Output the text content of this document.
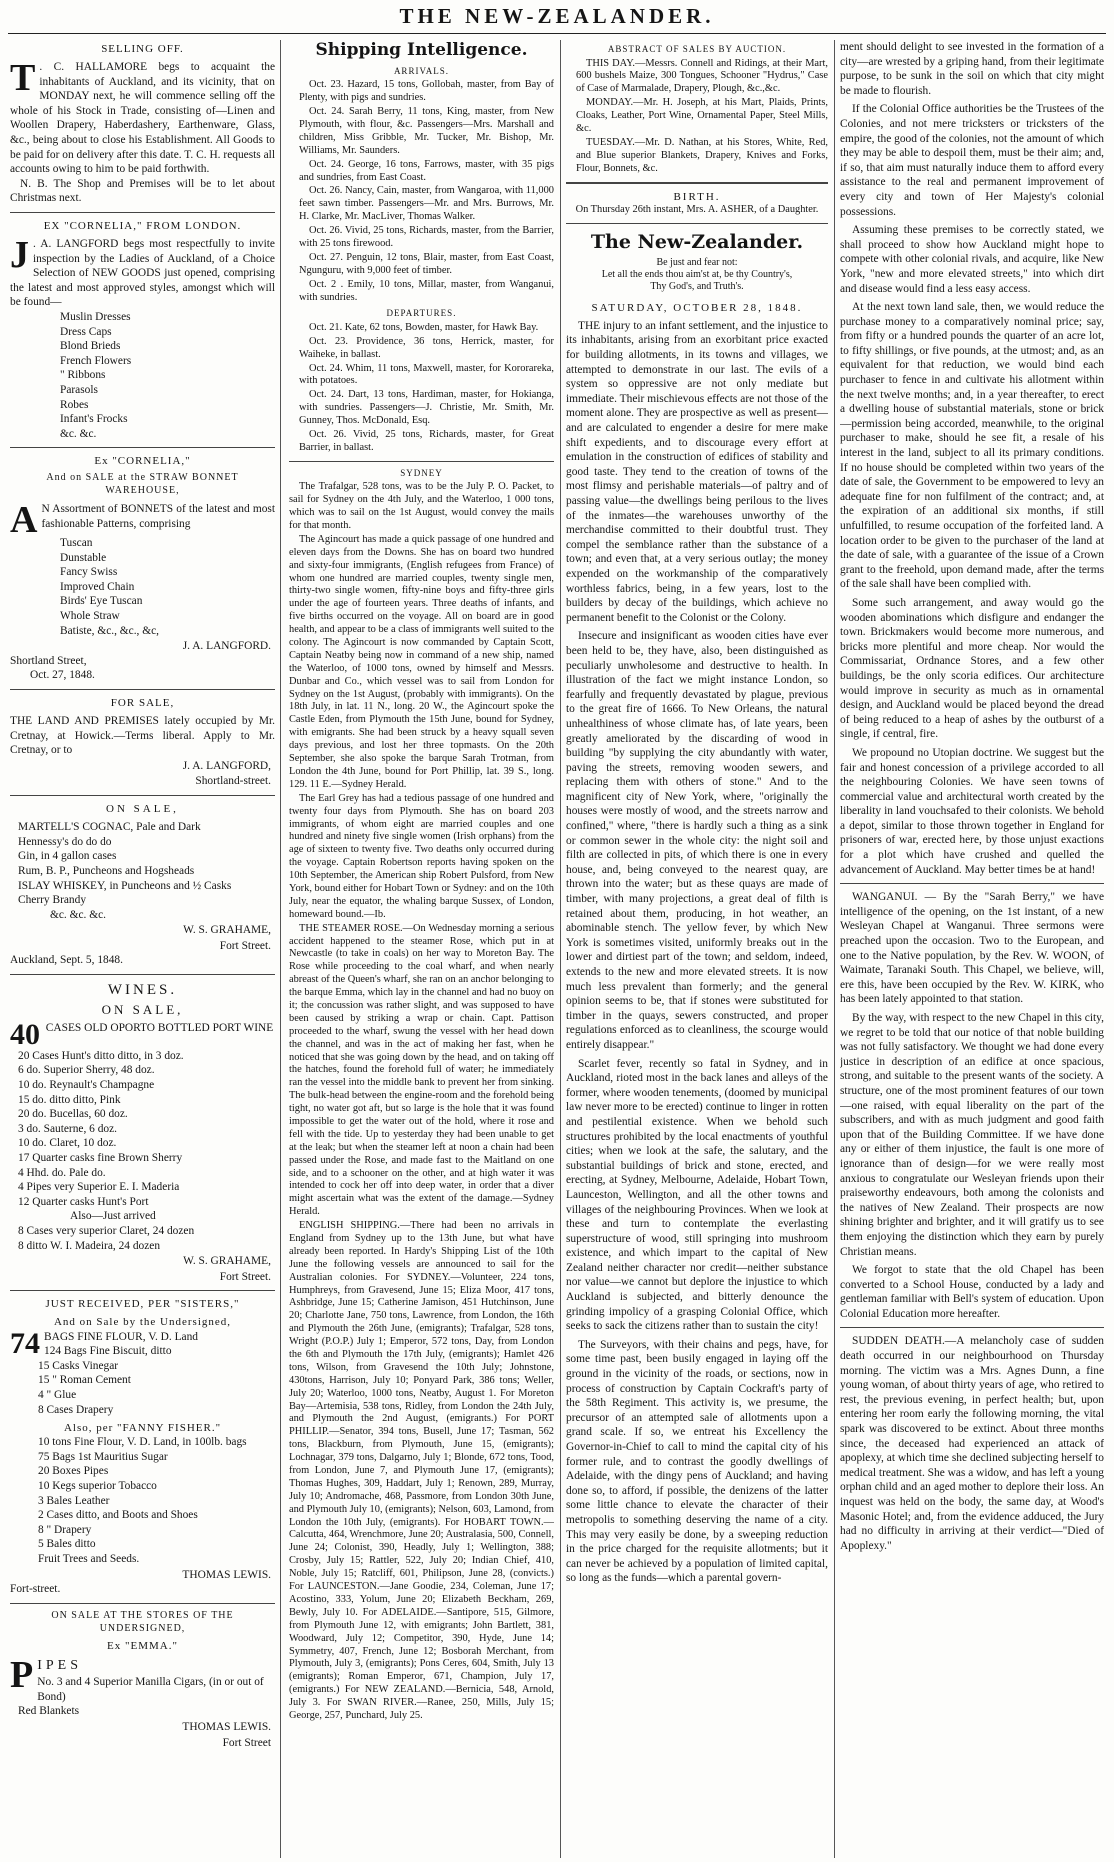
THE NEW-ZEALANDER.
SELLING OFF.
T . C. HALLAMORE begs to acquaint the inhabitants of Auckland, and its vicinity, that on MONDAY next, he will commence selling off the whole of his Stock in Trade, consisting of—Linen and Woollen Drapery, Haberdashery, Earthenware, Glass, &c., being about to close his Establishment. All Goods to be paid for on delivery after this date. T. C. H. requests all accounts owing to him to be paid forthwith.

N. B. The Shop and Premises will be to let about Christmas next.

EX "CORNELIA," FROM LONDON.
J . A. LANGFORD begs most respectfully to invite inspection by the Ladies of Auckland, of a Choice Selection of NEW GOODS just opened, comprising the latest and most approved styles, amongst which will be found—

Muslin Dresses
Dress Caps
Blond Brieds
French Flowers
" Ribbons
Parasols
Robes
Infant's Frocks
&c. &c.
Ex "CORNELIA,"
And on SALE at the STRAW BONNET WAREHOUSE,
A N Assortment of BONNETS of the latest and most fashionable Patterns, comprising

Tuscan
Dunstable
Fancy Swiss
Improved Chain
Birds' Eye Tuscan
Whole Straw
Batiste, &c., &c., &c,

J. A. LANGFORD.

Shortland Street,

Oct. 27, 1848.

FOR SALE,

THE LAND AND PREMISES lately occupied by Mr. Cretnay, at Howick.—Terms liberal. Apply to Mr. Cretnay, or to

J. A. LANGFORD,

Shortland-street.

ON SALE,
MARTELL'S COGNAC, Pale and Dark
Hennessy's do do do
Gin, in 4 gallon cases
Rum, B. P., Puncheons and Hogsheads
ISLAY WHISKEY, in Puncheons and ½ Casks
Cherry Brandy
&c. &c. &c.

W. S. GRAHAME,

Fort Street.

Auckland, Sept. 5, 1848.

WINES.
ON SALE,
40 CASES OLD OPORTO BOTTLED PORT WINE

20 Cases Hunt's ditto ditto, in 3 doz.
6 do. Superior Sherry, 48 doz.
10 do. Reynault's Champagne
15 do. ditto ditto, Pink
20 do. Bucellas, 60 doz.
3 do. Sauterne, 6 doz.
10 do. Claret, 10 doz.
17 Quarter casks fine Brown Sherry
4 Hhd. do. Pale do.
4 Pipes very Superior E. I. Maderia
12 Quarter casks Hunt's Port
Also—Just arrived
8 Cases very superior Claret, 24 dozen
8 ditto W. I. Madeira, 24 dozen

W. S. GRAHAME,

Fort Street.

JUST RECEIVED, PER "SISTERS,"
And on Sale by the Undersigned,
74 BAGS FINE FLOUR, V. D. Land

124 Bags Fine Biscuit, ditto
15 Casks Vinegar
15 " Roman Cement
4 " Glue
8 Cases Drapery
Also, per "FANNY FISHER."
10 tons Fine Flour, V. D. Land, in 100lb. bags
75 Bags 1st Mauritius Sugar
20 Boxes Pipes
10 Kegs superior Tobacco
3 Bales Leather
2 Cases ditto, and Boots and Shoes
8 " Drapery
5 Bales ditto
Fruit Trees and Seeds.

THOMAS LEWIS.

Fort-street.

ON SALE AT THE STORES OF THE UNDERSIGNED,
Ex "EMMA."
P IPES

No. 3 and 4 Superior Manilla Cigars, (in or out of Bond)
Red Blankets

THOMAS LEWIS.

Fort Street

Shipping Intelligence.
ARRIVALS.

Oct. 23. Hazard, 15 tons, Gollobah, master, from Bay of Plenty, with pigs and sundries.

Oct. 24. Sarah Berry, 11 tons, King, master, from New Plymouth, with flour, &c. Passengers—Mrs. Marshall and children, Miss Gribble, Mr. Tucker, Mr. Bishop, Mr. Williams, Mr. Saunders.

Oct. 24. George, 16 tons, Farrows, master, with 35 pigs and sundries, from East Coast.

Oct. 26. Nancy, Cain, master, from Wangaroa, with 11,000 feet sawn timber. Passengers—Mr. and Mrs. Burrows, Mr. H. Clarke, Mr. MacLiver, Thomas Walker.

Oct. 26. Vivid, 25 tons, Richards, master, from the Barrier, with 25 tons firewood.

Oct. 27. Penguin, 12 tons, Blair, master, from East Coast, Ngunguru, with 9,000 feet of timber.

Oct. 2 . Emily, 10 tons, Millar, master, from Wanganui, with sundries.

DEPARTURES.

Oct. 21. Kate, 62 tons, Bowden, master, for Hawk Bay.

Oct. 23. Providence, 36 tons, Herrick, master, for Waiheke, in ballast.

Oct. 24. Whim, 11 tons, Maxwell, master, for Kororareka, with potatoes.

Oct. 24. Dart, 13 tons, Hardiman, master, for Hokianga, with sundries. Passengers—J. Christie, Mr. Smith, Mr. Gunney, Thos. McDonald, Esq.

Oct. 26. Vivid, 25 tons, Richards, master, for Great Barrier, in ballast.

SYDNEY

The Trafalgar, 528 tons, was to be the July P. O. Packet, to sail for Sydney on the 4th July, and the Waterloo, 1 000 tons, which was to sail on the 1st August, would convey the mails for that month.

The Agincourt has made a quick passage of one hundred and eleven days from the Downs. She has on board two hundred and sixty-four immigrants, (English refugees from France) of whom one hundred are married couples, twenty single men, thirty-two single women, fifty-nine boys and fifty-three girls under the age of fourteen years. Three deaths of infants, and five births occurred on the voyage. All on board are in good health, and appear to be a class of immigrants well suited to the colony. The Agincourt is now commanded by Captain Scott, Captain Neatby being now in command of a new ship, named the Waterloo, of 1000 tons, owned by himself and Messrs. Dunbar and Co., which vessel was to sail from London for Sydney on the 1st August, (probably with immigrants). On the 18th July, in lat. 11 N., long. 20 W., the Agincourt spoke the Castle Eden, from Plymouth the 15th June, bound for Sydney, with emigrants. She had been struck by a heavy squall seven days previous, and lost her three topmasts. On the 20th September, she also spoke the barque Sarah Trotman, from London the 4th June, bound for Port Phillip, lat. 39 S., long. 129. 11 E.—Sydney Herald.

The Earl Grey has had a tedious passage of one hundred and twenty four days from Plymouth. She has on board 203 immigrants, of whom eight are married couples and one hundred and ninety five single women (Irish orphans) from the age of sixteen to twenty five. Two deaths only occurred during the voyage. Captain Robertson reports having spoken on the 10th September, the American ship Robert Pulsford, from New York, bound either for Hobart Town or Sydney: and on the 10th July, near the equator, the whaling barque Sussex, of London, homeward bound.—Ib.

THE STEAMER ROSE.—On Wednesday morning a serious accident happened to the steamer Rose, which put in at Newcastle (to take in coals) on her way to Moreton Bay. The Rose while proceeding to the coal wharf, and when nearly abreast of the Queen's wharf, she ran on an anchor belonging to the barque Emma, which lay in the channel and had no buoy on it; the concussion was rather slight, and was supposed to have been caused by striking a wrap or chain. Capt. Pattison proceeded to the wharf, swung the vessel with her head down the channel, and was in the act of making her fast, when he noticed that she was going down by the head, and on taking off the hatches, found the forehold full of water; he immediately ran the vessel into the middle bank to prevent her from sinking. The bulk-head between the engine-room and the forehold being tight, no water got aft, but so large is the hole that it was found impossible to get the water out of the hold, where it rose and fell with the tide. Up to yesterday they had been unable to get at the leak; but when the steamer left at noon a chain had been passed under the Rose, and made fast to the Maitland on one side, and to a schooner on the other, and at high water it was intended to cock her off into deep water, in order that a diver might ascertain what was the extent of the damage.—Sydney Herald.

ENGLISH SHIPPING.—There had been no arrivals in England from Sydney up to the 13th June, but what have already been reported. In Hardy's Shipping List of the 10th June the following vessels are announced to sail for the Australian colonies. For SYDNEY.—Volunteer, 224 tons, Humphreys, from Gravesend, June 15; Eliza Moor, 417 tons, Ashbridge, June 15; Catherine Jamison, 451 Hutchinson, June 20; Charlotte Jane, 750 tons, Lawrence, from London, the 16th and Plymouth the 26th June, (emigrants); Trafalgar, 528 tons, Wright (P.O.P.) July 1; Emperor, 572 tons, Day, from London the 6th and Plymouth the 17th July, (emigrants); Hamlet 426 tons, Wilson, from Gravesend the 10th July; Johnstone, 430tons, Harrison, July 10; Ponyard Park, 386 tons; Weller, July 20; Waterloo, 1000 tons, Neatby, August 1. For Moreton Bay—Artemisia, 538 tons, Ridley, from London the 24th July, and Plymouth the 2nd August, (emigrants.) For PORT PHILLIP.—Senator, 394 tons, Busell, June 17; Tasman, 562 tons, Blackburn, from Plymouth, June 15, (emigrants); Lochnagar, 379 tons, Dalgarno, July 1; Blonde, 672 tons, Tood, from London, June 7, and Plymouth June 17, (emigrants); Thomas Hughes, 309, Haddart, July 1; Renown, 289, Murray, July 10; Andromache, 468, Passmore, from London 30th June, and Plymouth July 10, (emigrants); Nelson, 603, Lamond, from London the 10th July, (emigrants). For HOBART TOWN.—Calcutta, 464, Wrenchmore, June 20; Australasia, 500, Connell, June 24; Colonist, 390, Headly, July 1; Wellington, 388; Crosby, July 15; Rattler, 522, July 20; Indian Chief, 410, Noble, July 15; Ratcliff, 601, Philipson, June 28, (convicts.) For LAUNCESTON.—Jane Goodie, 234, Coleman, June 17; Acostino, 333, Yolum, June 20; Elizabeth Beckham, 269, Bewly, July 10. For ADELAIDE.—Santipore, 515, Gilmore, from Plymouth June 12, with emigrants; John Bartlett, 381, Woodward, July 12; Competitor, 390, Hyde, June 14; Symmetry, 407, French, June 12; Bosborah Merchant, from Plymouth, July 3, (emigrants); Pons Ceres, 604, Smith, July 13 (emigrants); Roman Emperor, 671, Champion, July 17, (emigrants.) For NEW ZEALAND.—Bernicia, 548, Arnold, July 3. For SWAN RIVER.—Ranee, 250, Mills, July 15; George, 257, Punchard, July 25.

ABSTRACT OF SALES BY AUCTION.

THIS DAY.—Messrs. Connell and Ridings, at their Mart, 600 bushels Maize, 300 Tongues, Schooner "Hydrus," Case of Case of Marmalade, Drapery, Plough, &c.,&c.

MONDAY.—Mr. H. Joseph, at his Mart, Plaids, Prints, Cloaks, Leather, Port Wine, Ornamental Paper, Steel Mills, &c.

TUESDAY.—Mr. D. Nathan, at his Stores, White, Red, and Blue superior Blankets, Drapery, Knives and Forks, Flour, Bonnets, &c.

BIRTH.

On Thursday 26th instant, Mrs. A. ASHER, of a Daughter.

The New-Zealander.

Be just and fear not:

Let all the ends thou aim'st at, be thy Country's,

Thy God's, and Truth's.

SATURDAY, OCTOBER 28, 1848.

THE injury to an infant settlement, and the injustice to its inhabitants, arising from an exorbitant price exacted for building allotments, in its towns and villages, we attempted to demonstrate in our last. The evils of a system so oppressive are not only mediate but immediate. Their mischievous effects are not those of the moment alone. They are prospective as well as present—and are calculated to engender a desire for mere make shift expedients, and to discourage every effort at emulation in the construction of edifices of stability and good taste. They tend to the creation of towns of the most flimsy and perishable materials—of paltry and of passing value—the dwellings being perilous to the lives of the inmates—the warehouses unworthy of the merchandise committed to their doubtful trust. They compel the semblance rather than the substance of a town; and even that, at a very serious outlay; the money expended on the workmanship of the comparatively worthless fabrics, being, in a few years, lost to the builders by decay of the buildings, which achieve no permanent benefit to the Colonist or the Colony.

Insecure and insignificant as wooden cities have ever been held to be, they have, also, been distinguished as peculiarly unwholesome and destructive to health. In illustration of the fact we might instance London, so fearfully and frequently devastated by plague, previous to the great fire of 1666. To New Orleans, the natural unhealthiness of whose climate has, of late years, been greatly ameliorated by the discarding of wood in building "by supplying the city abundantly with water, paving the streets, removing wooden sewers, and replacing them with others of stone." And to the magnificent city of New York, where, "originally the houses were mostly of wood, and the streets narrow and confined," where, "there is hardly such a thing as a sink or common sewer in the whole city: the night soil and filth are collected in pits, of which there is one in every house, and, being conveyed to the nearest quay, are thrown into the water; but as these quays are made of timber, with many projections, a great deal of filth is retained about them, producing, in hot weather, an abominable stench. The yellow fever, by which New York is sometimes visited, uniformly breaks out in the lower and dirtiest part of the town; and seldom, indeed, extends to the new and more elevated streets. It is now much less prevalent than formerly; and the general opinion seems to be, that if stones were substituted for timber in the quays, sewers constructed, and proper regulations enforced as to cleanliness, the scourge would entirely disappear."

Scarlet fever, recently so fatal in Sydney, and in Auckland, rioted most in the back lanes and alleys of the former, where wooden tenements, (doomed by municipal law never more to be erected) continue to linger in rotten and pestilential existence. When we behold such structures prohibited by the local enactments of youthful cities; when we look at the safe, the salutary, and the substantial buildings of brick and stone, erected, and erecting, at Sydney, Melbourne, Adelaide, Hobart Town, Launceston, Wellington, and all the other towns and villages of the neighbouring Provinces. When we look at these and turn to contemplate the everlasting superstructure of wood, still springing into mushroom existence, and which impart to the capital of New Zealand neither character nor credit—neither substance nor value—we cannot but deplore the injustice to which Auckland is subjected, and bitterly denounce the grinding impolicy of a grasping Colonial Office, which seeks to sack the citizens rather than to sustain the city!

The Surveyors, with their chains and pegs, have, for some time past, been busily engaged in laying off the ground in the vicinity of the roads, or sections, now in process of construction by Captain Cockraft's party of the 58th Regiment. This activity is, we presume, the precursor of an attempted sale of allotments upon a grand scale. If so, we entreat his Excellency the Governor-in-Chief to call to mind the capital city of his former rule, and to contrast the goodly dwellings of Adelaide, with the dingy pens of Auckland; and having done so, to afford, if possible, the denizens of the latter some little chance to elevate the character of their metropolis to something deserving the name of a city. This may very easily be done, by a sweeping reduction in the price charged for the requisite allotments; but it can never be achieved by a population of limited capital, so long as the funds—which a parental govern-

ment should delight to see invested in the formation of a city—are wrested by a griping hand, from their legitimate purpose, to be sunk in the soil on which that city might be made to flourish.

If the Colonial Office authorities be the Trustees of the Colonies, and not mere tricksters or tricksters of the empire, the good of the colonies, not the amount of which they may be able to despoil them, must be their aim; and, if so, that aim must naturally induce them to afford every assistance to the real and permanent improvement of every city and town of Her Majesty's colonial possessions.

Assuming these premises to be correctly stated, we shall proceed to show how Auckland might hope to compete with other colonial rivals, and acquire, like New York, "new and more elevated streets," into which dirt and disease would find a less easy access.

At the next town land sale, then, we would reduce the purchase money to a comparatively nominal price; say, from fifty or a hundred pounds the quarter of an acre lot, to fifty shillings, or five pounds, at the utmost; and, as an equivalent for that reduction, we would bind each purchaser to fence in and cultivate his allotment within the next twelve months; and, in a year thereafter, to erect a dwelling house of substantial materials, stone or brick—permission being accorded, meanwhile, to the original purchaser to make, should he see fit, a resale of his interest in the land, subject to all its primary conditions. If no house should be completed within two years of the date of sale, the Government to be empowered to levy an adequate fine for non fulfilment of the contract; and, at the expiration of an additional six months, if still unfulfilled, to resume occupation of the forfeited land. A location order to be given to the purchaser of the land at the date of sale, with a guarantee of the issue of a Crown grant to the freehold, upon demand made, after the terms of the sale shall have been complied with.

Some such arrangement, and away would go the wooden abominations which disfigure and endanger the town. Brickmakers would become more numerous, and bricks more plentiful and more cheap. Nor would the Commissariat, Ordnance Stores, and a few other buildings, be the only scoria edifices. Our architecture would improve in security as much as in ornamental design, and Auckland would be placed beyond the dread of being reduced to a heap of ashes by the outburst of a single, if central, fire.

We propound no Utopian doctrine. We suggest but the fair and honest concession of a privilege accorded to all the neighbouring Colonies. We have seen towns of commercial value and architectural worth created by the liberality in land vouchsafed to their colonists. We behold a depot, similar to those thrown together in England for prisoners of war, erected here, by those unjust exactions for a plot which have crushed and quelled the advancement of Auckland. May better times be at hand!

WANGANUI. — By the "Sarah Berry," we have intelligence of the opening, on the 1st instant, of a new Wesleyan Chapel at Wanganui. Three sermons were preached upon the occasion. Two to the European, and one to the Native population, by the Rev. W. WOON, of Waimate, Taranaki South. This Chapel, we believe, will, ere this, have been occupied by the Rev. W. KIRK, who has been lately appointed to that station.

By the way, with respect to the new Chapel in this city, we regret to be told that our notice of that noble building was not fully satisfactory. We thought we had done every justice in description of an edifice at once spacious, strong, and suitable to the present wants of the society. A structure, one of the most prominent features of our town—one raised, with equal liberality on the part of the subscribers, and with as much judgment and good faith upon that of the Building Committee. If we have done any or either of them injustice, the fault is one more of ignorance than of design—for we were really most anxious to congratulate our Wesleyan friends upon their praiseworthy endeavours, both among the colonists and the natives of New Zealand. Their prospects are now shining brighter and brighter, and it will gratify us to see them enjoying the distinction which they earn by purely Christian means.

We forgot to state that the old Chapel has been converted to a School House, conducted by a lady and gentleman familiar with Bell's system of education. Upon Colonial Education more hereafter.

SUDDEN DEATH.—A melancholy case of sudden death occurred in our neighbourhood on Thursday morning. The victim was a Mrs. Agnes Dunn, a fine young woman, of about thirty years of age, who retired to rest, the previous evening, in perfect health; but, upon entering her room early the following morning, the vital spark was discovered to be extinct. About three months since, the deceased had experienced an attack of apoplexy, at which time she declined subjecting herself to medical treatment. She was a widow, and has left a young orphan child and an aged mother to deplore their loss. An inquest was held on the body, the same day, at Wood's Masonic Hotel; and, from the evidence adduced, the Jury had no difficulty in arriving at their verdict—"Died of Apoplexy."
